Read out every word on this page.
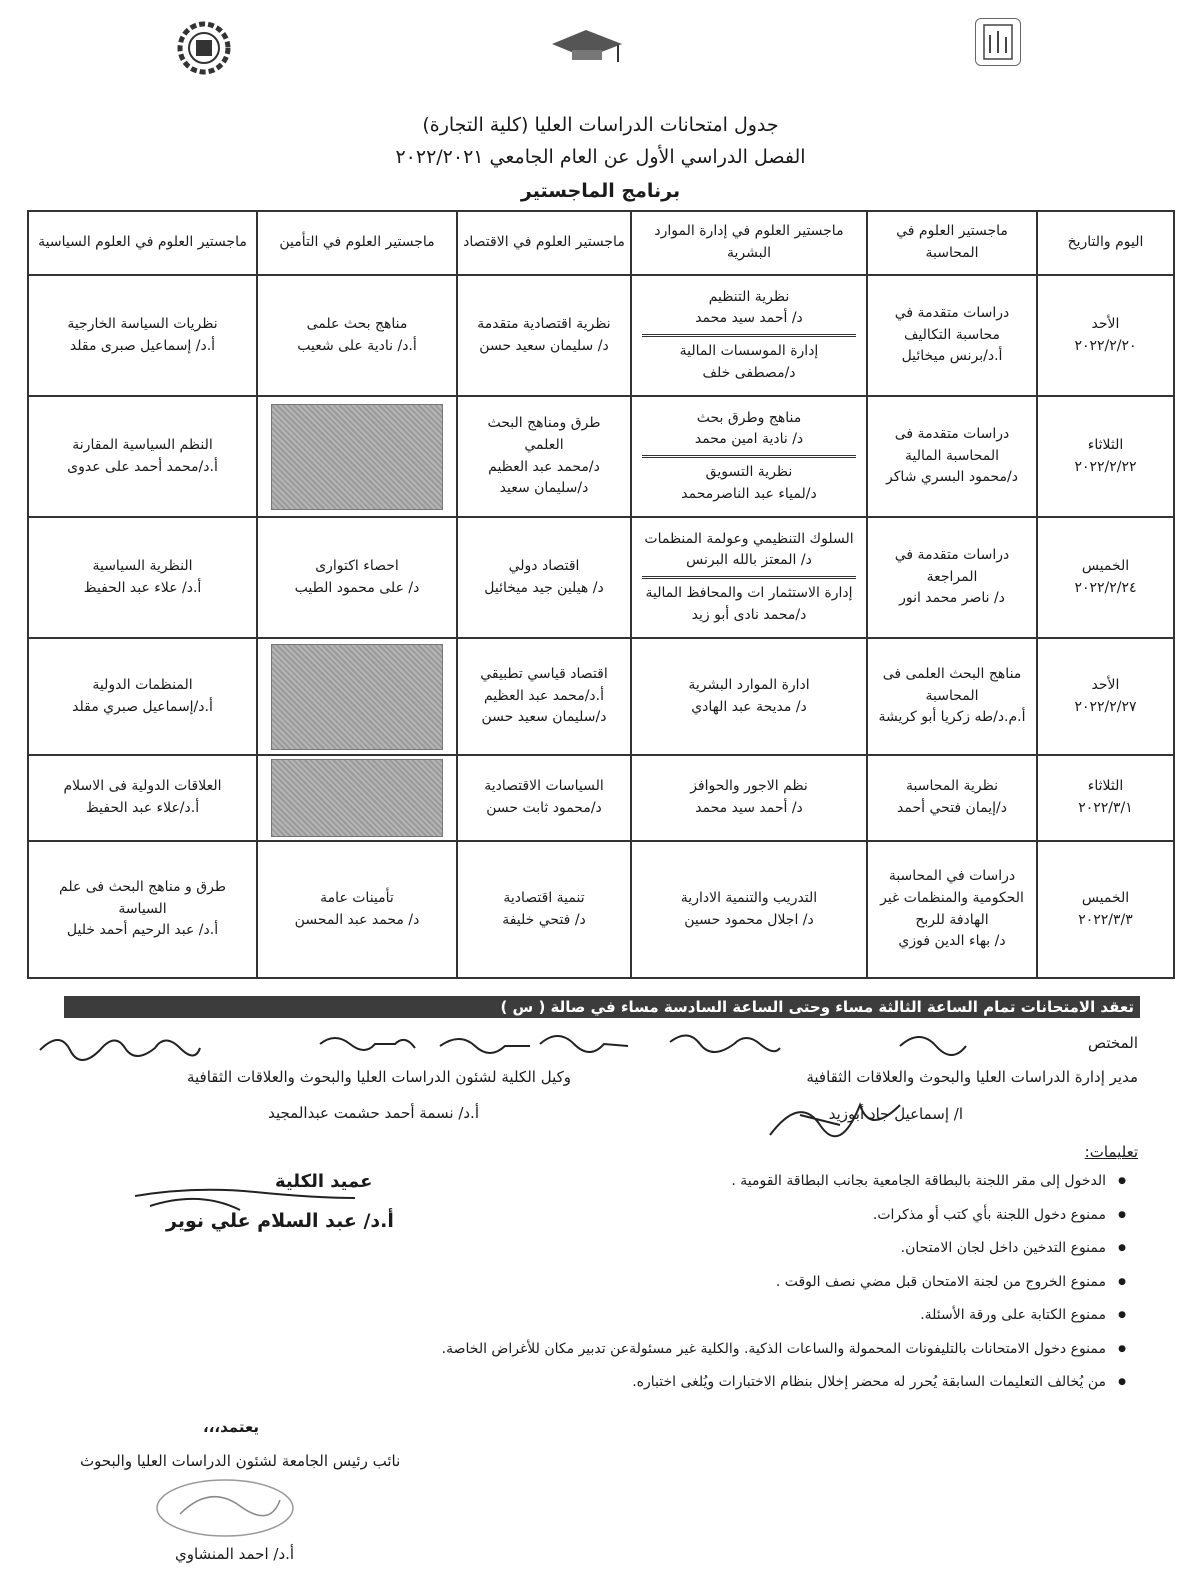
جدول امتحانات الدراسات العليا (كلية التجارة)
الفصل الدراسي الأول عن العام الجامعي ٢٠٢٢/٢٠٢١
برنامج الماجستير
اليوم والتاريخ	ماجستير العلوم في المحاسبة	ماجستير العلوم في إدارة الموارد البشرية	ماجستير العلوم في الاقتصاد	ماجستير العلوم في التأمين	ماجستير العلوم في العلوم السياسية

الأحد
٢٠٢٢/٢/٢٠	دراسات متقدمة في
محاسبة التكاليف
أ.د/برنس ميخائيل	نظرية التنظيم
د/ أحمد سيد محمد
إدارة الموسسات المالية
د/مصطفى خلف	نظرية اقتصادية متقدمة
د/ سليمان سعيد حسن	مناهج بحث علمى
أ.د/ نادية على شعيب	نظريات السياسة الخارجية
أ.د/ إسماعيل صبرى مقلد

الثلاثاء
٢٠٢٢/٢/٢٢	دراسات متقدمة فى
المحاسبة المالية
د/محمود البسري شاكر	مناهج وطرق بحث
د/ نادية امين محمد
نظرية التسويق
د/لمياء عبد الناصرمحمد	طرق ومناهج البحث
العلمي
د/محمد عبد العظيم
د/سليمان سعيد		النظم السياسية المقارنة
أ.د/محمد أحمد على عدوى

الخميس
٢٠٢٢/٢/٢٤	دراسات متقدمة في
المراجعة
د/ ناصر محمد انور	السلوك التنظيمي وعولمة المنظمات
د/ المعتز بالله البرنس
إدارة الاستثمار ات والمحافظ المالية
د/محمد نادى أبو زيد	اقتصاد دولي
د/ هيلين جيد ميخائيل	احصاء اكتوارى
د/ على محمود الطيب	النظرية السياسية
أ.د/ علاء عبد الحفيظ

الأحد
٢٠٢٢/٢/٢٧	مناهج البحث العلمى فى
المحاسبة
أ.م.د/طه زكريا أبو كريشة	ادارة الموارد البشرية
د/ مديحة عبد الهادي	اقتصاد قياسي تطبيقي
أ.د/محمد عبد العظيم
د/سليمان سعيد حسن		المنظمات الدولية
أ.د/إسماعيل صبري مقلد

الثلاثاء
٢٠٢٢/٣/١	نظرية المحاسبة
د/إيمان فتحي أحمد	نظم الاجور والحوافز
د/ أحمد سيد محمد	السياسات الاقتصادية
د/محمود ثابت حسن		العلاقات الدولية فى الاسلام
أ.د/علاء عبد الحفيظ

الخميس
٢٠٢٢/٣/٣	دراسات في المحاسبة
الحكومية والمنظمات غير
الهادفة للربح
د/ بهاء الدين فوزي	التدريب والتنمية الادارية
د/ اجلال محمود حسين	تنمية اقتصادية
د/ فتحي خليفة	تأمينات عامة
د/ محمد عبد المحسن	طرق و مناهج البحث فى علم
السياسة
أ.د/ عبد الرحيم أحمد خليل
تعقد الامتحانات تمام الساعة الثالثة مساء وحتى الساعة السادسة مساء في صالة ( س )
المختص
مدير إدارة الدراسات العليا والبحوث والعلاقات الثقافية
ا/ إسماعيل جاد أبوزيد
وكيل الكلية لشئون الدراسات العليا والبحوث والعلاقات الثقافية
أ.د/ نسمة أحمد حشمت عبدالمجيد
تعليمات:
عميد الكلية
أ.د/ عبد السلام علي نوير
● الدخول إلى مقر اللجنة بالبطاقة الجامعية بجانب البطاقة القومية .
● ممنوع دخول اللجنة بأي كتب أو مذكرات.
● ممنوع التدخين داخل لجان الامتحان.
● ممنوع الخروج من لجنة الامتحان قبل مضي نصف الوقت .
● ممنوع الكتابة على ورقة الأسئلة.
● ممنوع دخول الامتحانات بالتليفونات المحمولة والساعات الذكية. والكلية غير مسئولةعن تدبير مكان للأغراض الخاصة.
● من يُخالف التعليمات السابقة يُحرر له محضر إخلال بنظام الاختبارات ويُلغى اختباره.
يعتمد،،،
نائب رئيس الجامعة لشئون الدراسات العليا والبحوث
أ.د/ احمد المنشاوي
